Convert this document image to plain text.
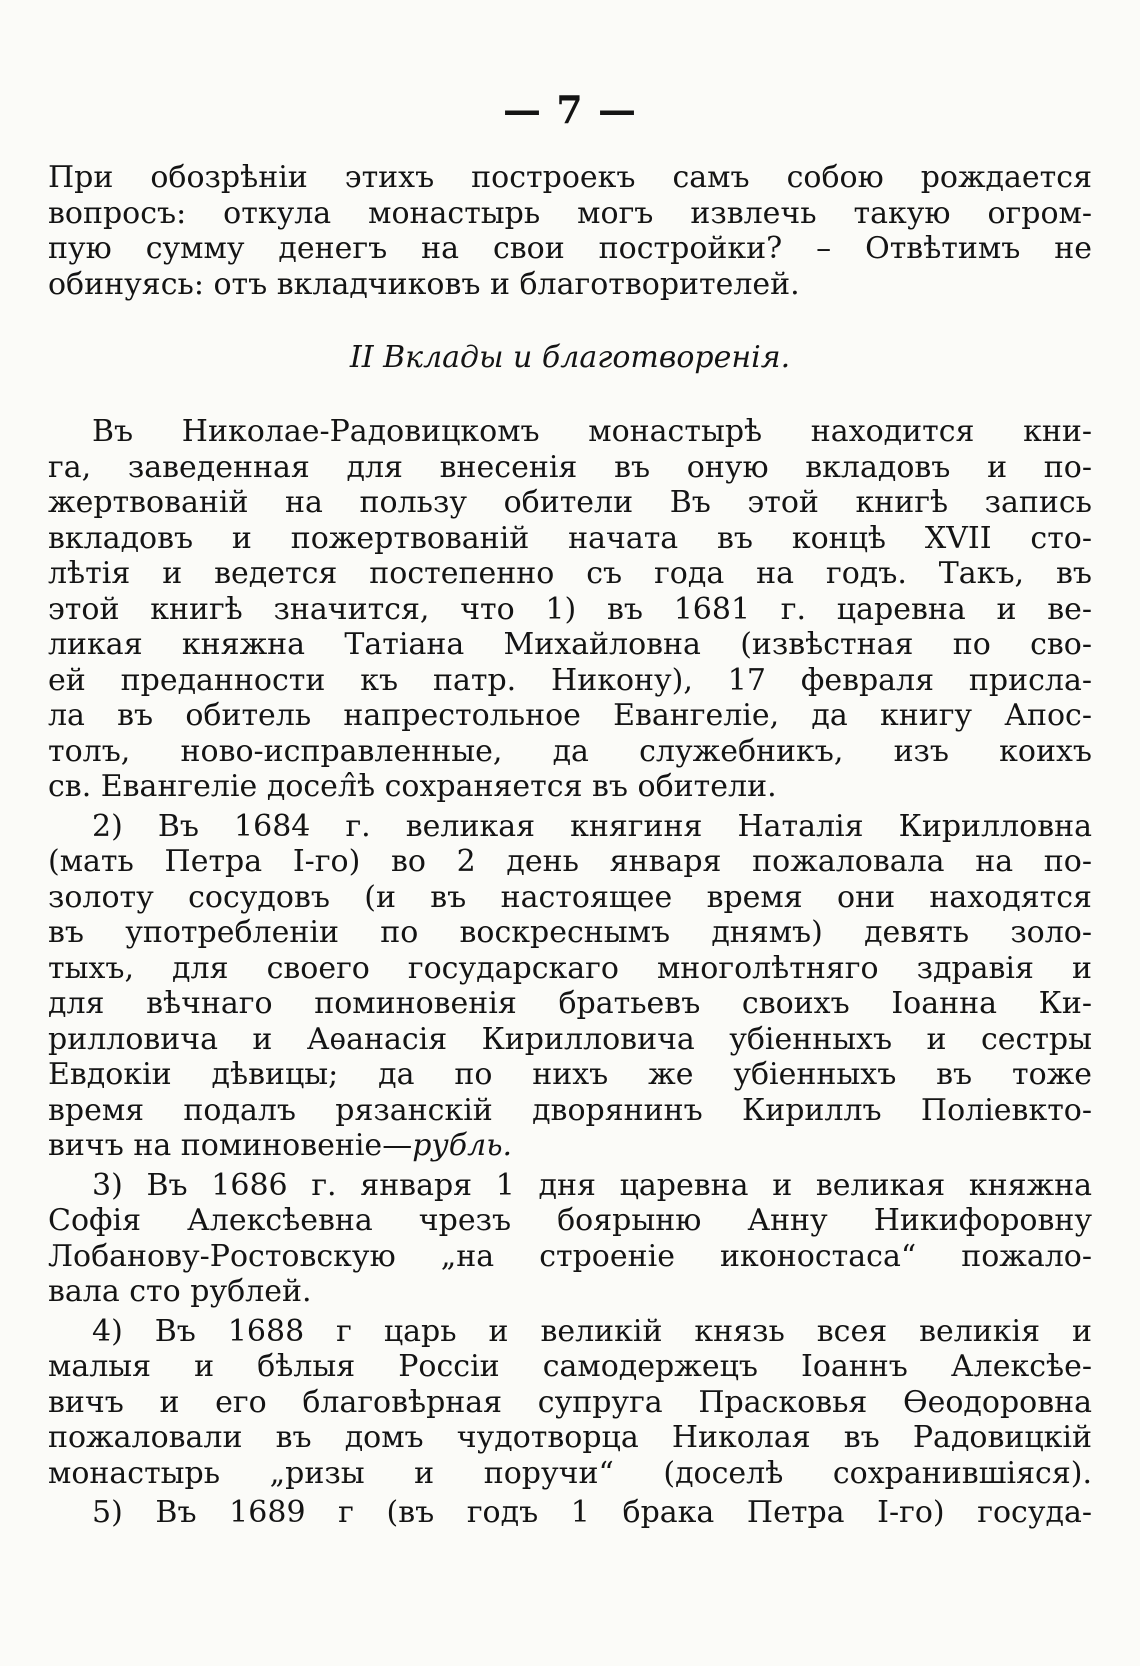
— 7 —
При обозрѣніи этихъ построекъ самъ собою рождается
вопросъ: откула монастырь могъ извлечь такую огром-
пую сумму денегъ на свои постройки? – Отвѣтимъ не
обинуясь: отъ вкладчиковъ и благотворителей.
II Вклады и благотворенія.
Въ Николае-Радовицкомъ монастырѣ находится кни-
га, заведенная для внесенія въ оную вкладовъ и по-
жертвованій на пользу обители Въ этой книгѣ запись
вкладовъ и пожертвованій начата въ концѣ XVII сто-
лѣтія и ведется постепенно съ года на годъ. Такъ, въ
этой книгѣ значится, что 1) въ 1681 г. царевна и ве-
ликая княжна Татіана Михайловна (извѣстная по сво-
ей преданности къ патр. Никону), 17 февраля присла-
ла въ обитель напрестольное Евангеліе, да книгу Апос-
толъ, ново-исправленные, да служебникъ, изъ коихъ
св. Евангеліе досел̂ѣ сохраняется въ обители.
2) Въ 1684 г. великая княгиня Наталія Кирилловна
(мать Петра I-го) во 2 день января пожаловала на по-
золоту сосудовъ (и въ настоящее время они находятся
въ употребленіи по воскреснымъ днямъ) девять золо-
тыхъ, для своего государскаго многолѣтняго здравія и
для вѣчнаго поминовенія братьевъ своихъ Іоанна Ки-
рилловича и Аѳанасія Кирилловича убіенныхъ и сестры
Евдокіи дѣвицы; да по нихъ же убіенныхъ въ тоже
время подалъ рязанскій дворянинъ Кириллъ Поліевкто-
вичъ на поминовеніе—рубль.
3) Въ 1686 г. января 1 дня царевна и великая княжна
Софія Алексѣевна чрезъ боярыню Анну Никифоровну
Лобанову-Ростовскую „на строеніе иконостаса“ пожало-
вала сто рублей.
4) Въ 1688 г царь и великій князь всея великія и
малыя и бѣлыя Россіи самодержецъ Іоаннъ Алексѣе-
вичъ и его благовѣрная супруга Прасковья Ѳеодоровна
пожаловали въ домъ чудотворца Николая въ Радовицкій
монастырь „ризы и поручи“ (доселѣ сохранившіяся).
5) Въ 1689 г (въ годъ 1 брака Петра I-го) госуда-
